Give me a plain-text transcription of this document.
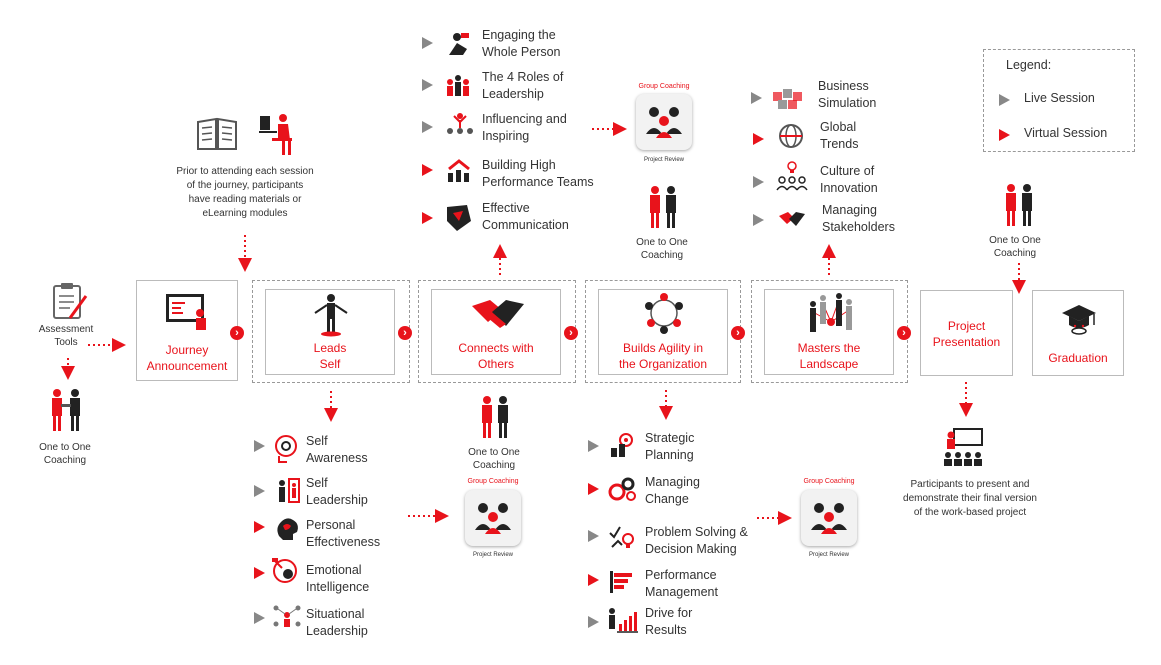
Assessment
Tools
One to One
Coaching
Prior to attending each session
of the journey, participants
have reading materials or
eLearning modules
Journey
Announcement
›
Leads
Self
›
Connects with
Others
›
Builds Agility in
the Organization
›
Masters the
Landscape
›	Project
Presentation
Graduation
Engaging the
Whole Person
The 4 Roles of
Leadership
Influencing and
Inspiring
Building High
Performance Teams
Effective
Communication
Group Coaching
Project Review
One to One
Coaching
Business
Simulation
Global
Trends
Culture of
Innovation
Managing
Stakeholders
Legend:
Live Session
Virtual Session
One to One
Coaching
Participants to present and
demonstrate their final version
of the work-based project
Self
Awareness
Self
Leadership
Personal
Effectiveness
Emotional
Intelligence
Situational
Leadership
One to One
Coaching
Group Coaching
Project Review
Strategic
Planning
Managing
Change
Problem Solving &
Decision Making
Performance
Management
Drive for
Results
Group Coaching
Project Review
